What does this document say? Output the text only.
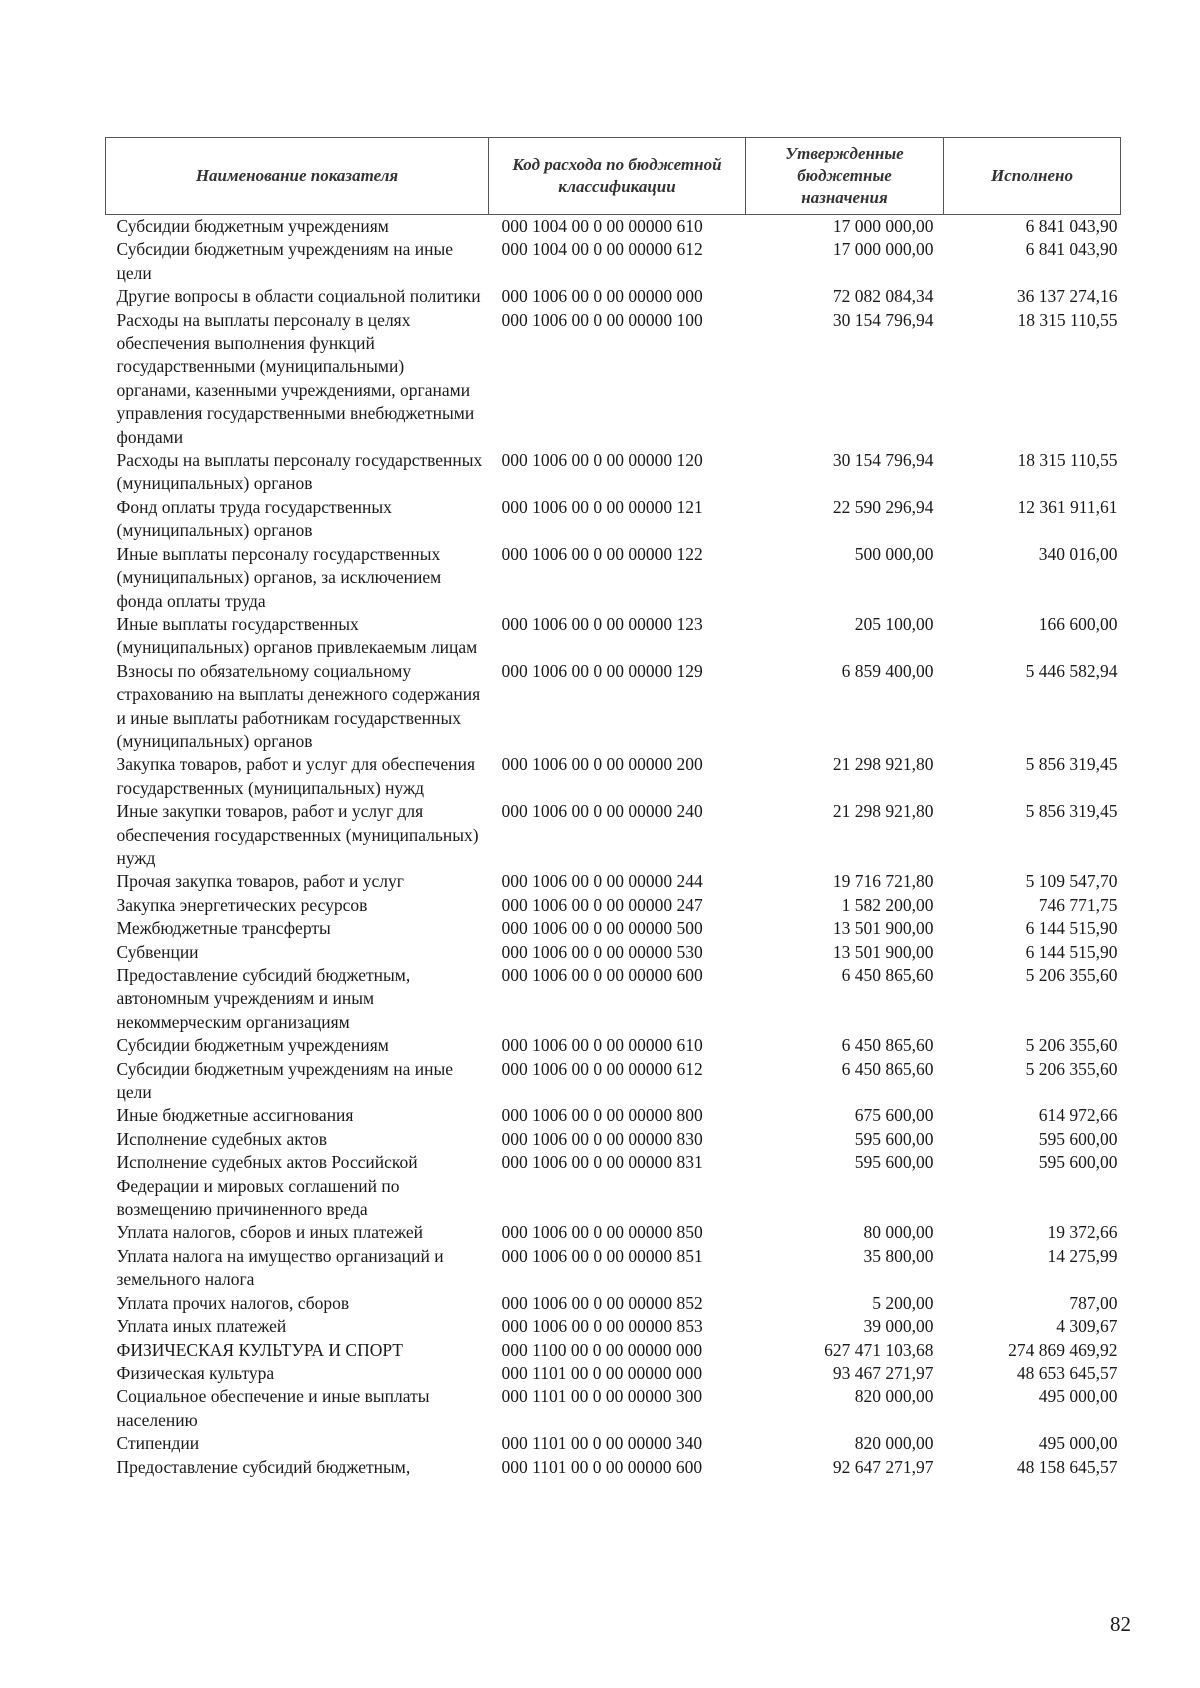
Наименование показателя	Код расхода по бюджетной классификации	Утвержденные бюджетные назначения	Исполнено
Субсидии бюджетным учреждениям	000 1004 00 0 00 00000 610	17 000 000,00	6 841 043,90
Субсидии бюджетным учреждениям на иные цели	000 1004 00 0 00 00000 612	17 000 000,00	6 841 043,90
Другие вопросы в области социальной политики	000 1006 00 0 00 00000 000	72 082 084,34	36 137 274,16
Расходы на выплаты персоналу в целях обеспечения выполнения функций государственными (муниципальными) органами, казенными учреждениями, органами управления государственными внебюджетными фондами	000 1006 00 0 00 00000 100	30 154 796,94	18 315 110,55
Расходы на выплаты персоналу государственных (муниципальных) органов	000 1006 00 0 00 00000 120	30 154 796,94	18 315 110,55
Фонд оплаты труда государственных (муниципальных) органов	000 1006 00 0 00 00000 121	22 590 296,94	12 361 911,61
Иные выплаты персоналу государственных (муниципальных) органов, за исключением фонда оплаты труда	000 1006 00 0 00 00000 122	500 000,00	340 016,00
Иные выплаты государственных (муниципальных) органов привлекаемым лицам	000 1006 00 0 00 00000 123	205 100,00	166 600,00
Взносы по обязательному социальному страхованию на выплаты денежного содержания и иные выплаты работникам государственных (муниципальных) органов	000 1006 00 0 00 00000 129	6 859 400,00	5 446 582,94
Закупка товаров, работ и услуг для обеспечения государственных (муниципальных) нужд	000 1006 00 0 00 00000 200	21 298 921,80	5 856 319,45
Иные закупки товаров, работ и услуг для обеспечения государственных (муниципальных) нужд	000 1006 00 0 00 00000 240	21 298 921,80	5 856 319,45
Прочая закупка товаров, работ и услуг	000 1006 00 0 00 00000 244	19 716 721,80	5 109 547,70
Закупка энергетических ресурсов	000 1006 00 0 00 00000 247	1 582 200,00	746 771,75
Межбюджетные трансферты	000 1006 00 0 00 00000 500	13 501 900,00	6 144 515,90
Субвенции	000 1006 00 0 00 00000 530	13 501 900,00	6 144 515,90
Предоставление субсидий бюджетным, автономным учреждениям и иным некоммерческим организациям	000 1006 00 0 00 00000 600	6 450 865,60	5 206 355,60
Субсидии бюджетным учреждениям	000 1006 00 0 00 00000 610	6 450 865,60	5 206 355,60
Субсидии бюджетным учреждениям на иные цели	000 1006 00 0 00 00000 612	6 450 865,60	5 206 355,60
Иные бюджетные ассигнования	000 1006 00 0 00 00000 800	675 600,00	614 972,66
Исполнение судебных актов	000 1006 00 0 00 00000 830	595 600,00	595 600,00
Исполнение судебных актов Российской Федерации и мировых соглашений по возмещению причиненного вреда	000 1006 00 0 00 00000 831	595 600,00	595 600,00
Уплата налогов, сборов и иных платежей	000 1006 00 0 00 00000 850	80 000,00	19 372,66
Уплата налога на имущество организаций и земельного налога	000 1006 00 0 00 00000 851	35 800,00	14 275,99
Уплата прочих налогов, сборов	000 1006 00 0 00 00000 852	5 200,00	787,00
Уплата иных платежей	000 1006 00 0 00 00000 853	39 000,00	4 309,67
ФИЗИЧЕСКАЯ КУЛЬТУРА И СПОРТ	000 1100 00 0 00 00000 000	627 471 103,68	274 869 469,92
Физическая культура	000 1101 00 0 00 00000 000	93 467 271,97	48 653 645,57
Социальное обеспечение и иные выплаты населению	000 1101 00 0 00 00000 300	820 000,00	495 000,00
Стипендии	000 1101 00 0 00 00000 340	820 000,00	495 000,00
Предоставление субсидий бюджетным,	000 1101 00 0 00 00000 600	92 647 271,97	48 158 645,57
82
